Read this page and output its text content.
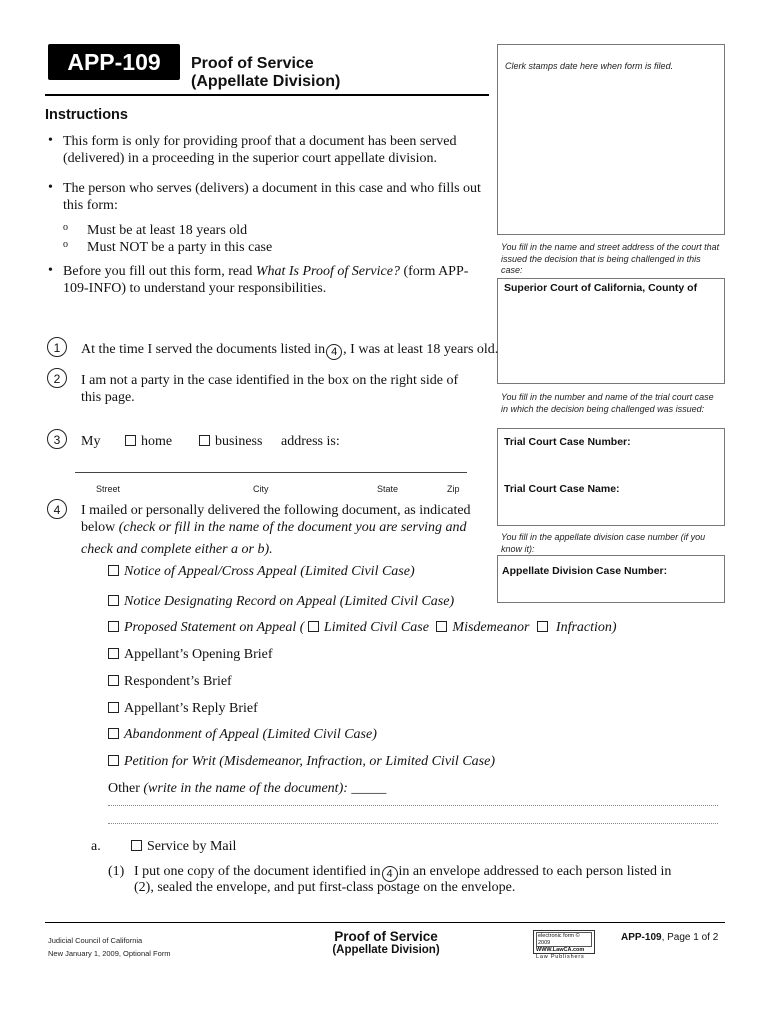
APP-109	Proof of Service
(Appellate Division)
Clerk stamps date here when form is filed.
You fill in the name and street address of the court that issued the decision that is being challenged in this case:
Superior Court of California, County of
You fill in the number and name of the trial court case in which the decision being challenged was issued:
Trial Court Case Number:
Trial Court Case Name:
You fill in the appellate division case number (if you know it):
Appellate Division Case Number:
Instructions
• This form is only for providing proof that a document has been served (delivered) in a proceeding in the superior court appellate division.
• The person who serves (delivers) a document in this case and who fills out this form:
o Must be at least 18 years old
o Must NOT be a party in this case
• Before you fill out this form, read What Is Proof of Service? (form APP-109-INFO) to understand your responsibilities.
1	At the time I served the documents listed in 4 , I was at least 18 years old.
2	I am not a party in the case identified in the box on the right side of this page.
3	My	home	business address is:
Street	City	State	Zip
4	I mailed or personally delivered the following document, as indicated
below (check or fill in the name of the document you are serving and
check and complete either a or b).
Notice of Appeal/Cross Appeal (Limited Civil Case)
Notice Designating Record on Appeal (Limited Civil Case)
Proposed Statement on Appeal ( Limited Civil Case Misdemeanor Infraction)
Appellant’s Opening Brief
Respondent’s Brief
Appellant’s Reply Brief
Abandonment of Appeal (Limited Civil Case)
Petition for Writ (Misdemeanor, Infraction, or Limited Civil Case)
Other (write in the name of the document): _____
a.	Service by Mail
(1) I put one copy of the document identified in 4 in an envelope addressed to each person listed in
(2), sealed the envelope, and put first-class postage on the envelope.
Judicial Council of California
New January 1, 2009, Optional Form
Proof of Service
(Appellate Division)
electronic form © 2009
WWW.LawCA.com
Law Publishers
APP-109, Page 1 of 2
